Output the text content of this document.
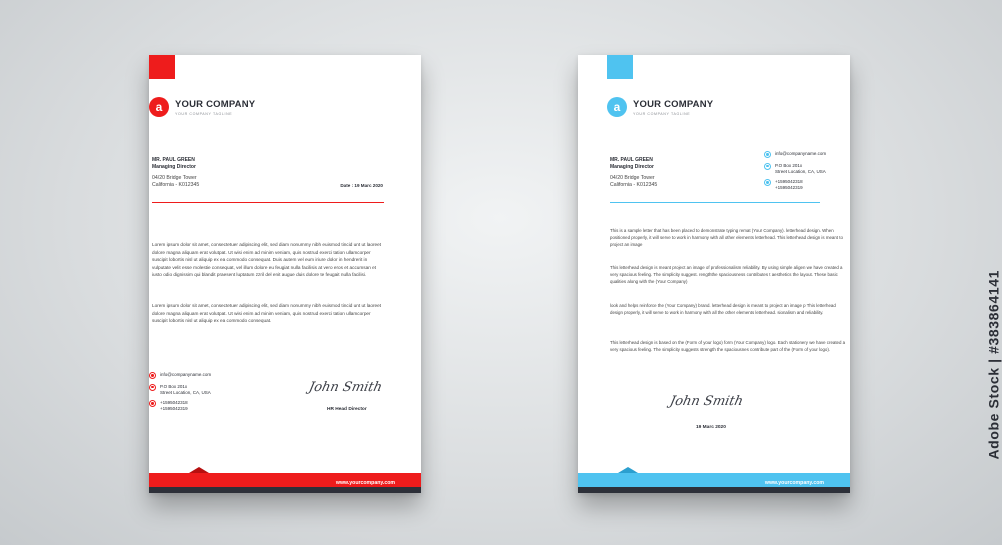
a	YOUR COMPANY
YOUR COMPANY TAGLINE
MR. PAUL GREEN
Managing Director
04/20 Bridge Tower
California - K012345	Date : 19 Marc 2020
Lorem ipsum dolor sit amet, consectetuer adipiscing elit, sed diam nonummy nibh euismod tincid unt ut laoreet dolore magna aliquam erat volutpat. Ut wisi enim ad minim veniam, quis nostrud exerci tation ullamcorper suscipit lobortis nisl ut aliquip ex ea commodo consequat. Duis autem vel eum iriure dolor in hendrerit in vulputate velit esse molestie consequat, vel illum dolore eu feugiat nulla facilisis at vero eros et accumsan et iusto odio dignissim qui blandit praesent luptatum zzril del enit augue duis dolore te feugait nulla facilisi.
Lorem ipsum dolor sit amet, consectetuer adipiscing elit, sed diam nonummy nibh euismod tincid unt ut laoreet dolore magna aliquam erat volutpat. Ut wisi enim ad minim veniam, quis nostrud exerci tation ullamcorper suscipit lobortis nisl ut aliquip ex ea commodo consequat.
info@companyname.com
P.O Box 201x
Street Location, CA, USA
+1595042318
+1595042319
John Smith
HR Head Director
www.yourcompany.com
a	YOUR COMPANY
YOUR COMPANY TAGLINE
MR. PAUL GREEN
Managing Director
04/20 Bridge Tower
California - K012345
info@companyname.com
P.O Box 201x
Street Location, CA, USA
+1595042318
+1595042319
This is a sample letter that has been placed to demonstrate typing remat (Your Company). letterhead design. When positioned properly, it will serve to work in harmony with all other elements letterhead. This letterhead design is meant to project an image
This letterhead design is meant project an image of professionalism reliability. By using simple aligen we have created a very spacious feeling. The simplicity suggest. rengththe spaciousness contributes t aesthetics the layout. These basic qualities along with the (Your Company)
look and helps reinforce the (Your Company) brand. letterhead design is meant to project an image p This letterhead design properly, it will serve to work in harmony with all the other elements letterhead. sionalism and reliability.
This letterhead design is based on the (Form of your logo) form (Your Company) logo. Each stationery we have created a very spacious feeling. The simplicity suggests strength the spaciousnes contribute part of the (Form of your logo).
John Smith
19 Marc 2020
www.yourcompany.com
Adobe Stock | #383864141
